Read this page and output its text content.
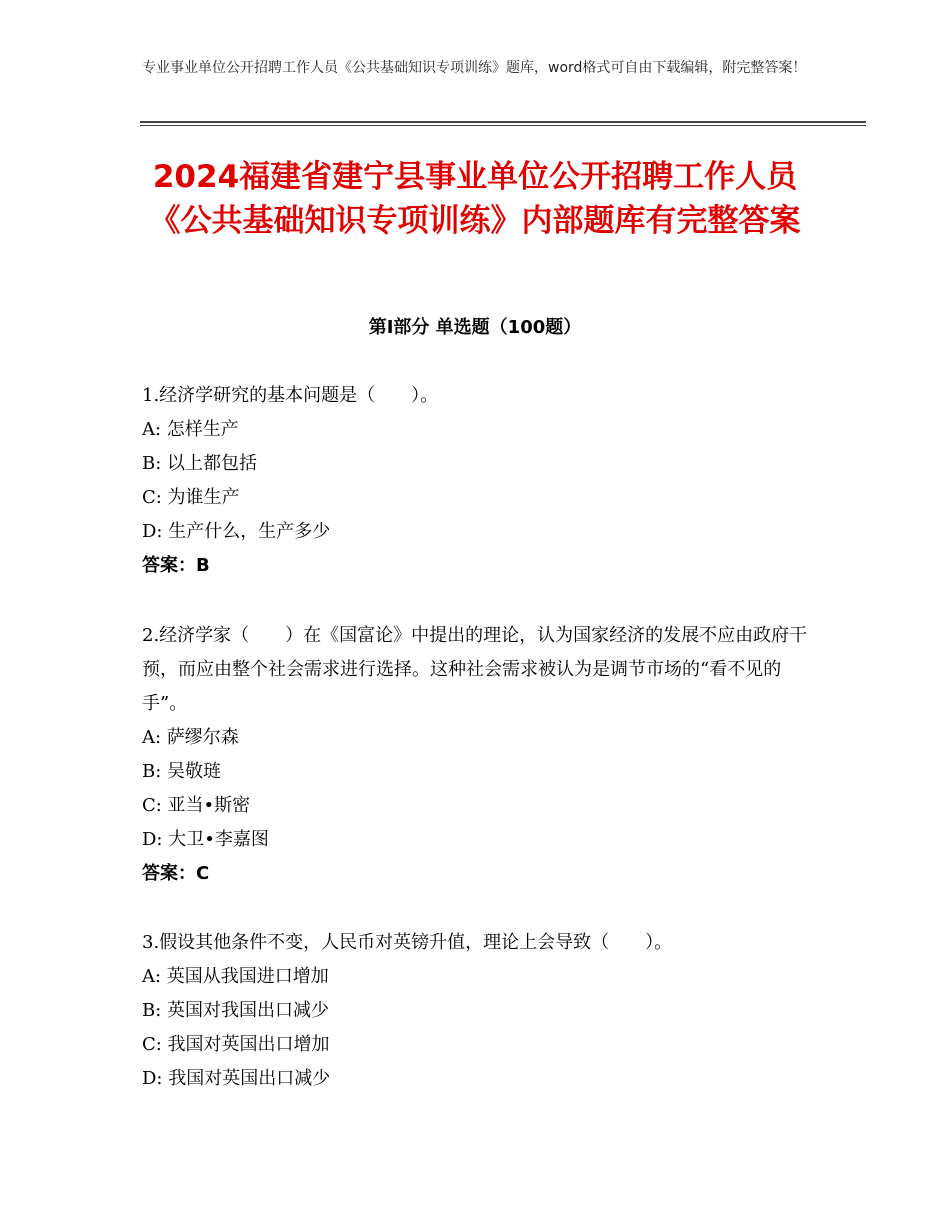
专业事业单位公开招聘工作人员《公共基础知识专项训练》题库，word格式可自由下载编辑，附完整答案！

2024福建省建宁县事业单位公开招聘工作人员《公共基础知识专项训练》内部题库有完整答案
第Ⅰ部分 单选题（100题）

1.经济学研究的基本问题是（　　）。

A: 怎样生产

B: 以上都包括

C: 为谁生产

D: 生产什么，生产多少

答案：B

2.经济学家（　　）在《国富论》中提出的理论，认为国家经济的发展不应由政府干预，而应由整个社会需求进行选择。这种社会需求被认为是调节市场的“看不见的手”。

A: 萨缪尔森

B: 吴敬琏

C: 亚当•斯密

D: 大卫•李嘉图

答案：C

3.假设其他条件不变，人民币对英镑升值，理论上会导致（　　）。

A: 英国从我国进口增加

B: 英国对我国出口减少

C: 我国对英国出口增加

D: 我国对英国出口减少
